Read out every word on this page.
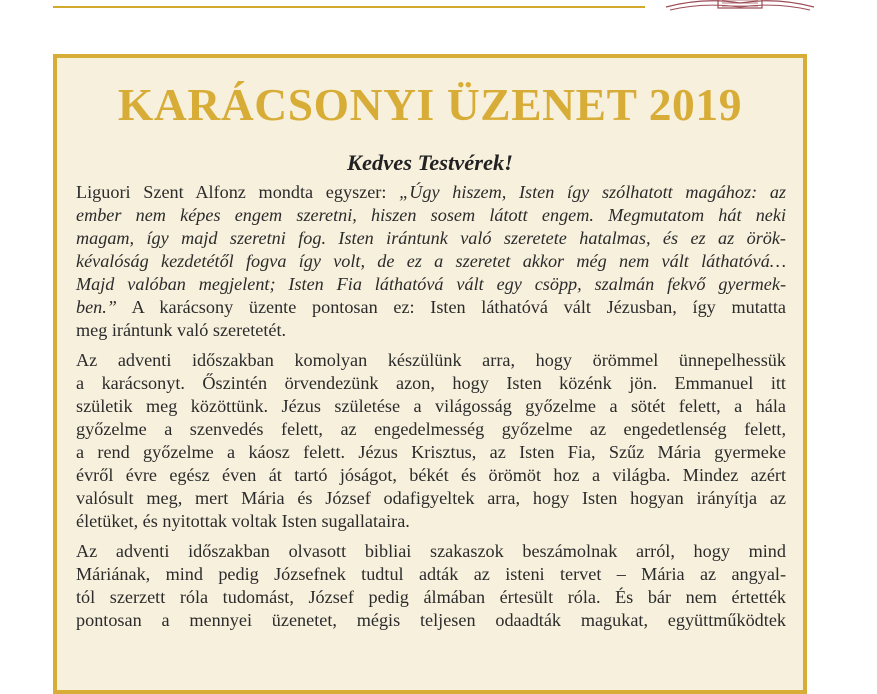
KARÁCSONYI ÜZENET 2019
Kedves Testvérek!
Liguori Szent Alfonz mondta egyszer: „Úgy hiszem, Isten így szólhatott magához: az
ember nem képes engem szeretni, hiszen sosem látott engem. Megmutatom hát neki
magam, így majd szeretni fog. Isten irántunk való szeretete hatalmas, és ez az örök-
kévalóság kezdetétől fogva így volt, de ez a szeretet akkor még nem vált láthatóvá…
Majd valóban megjelent; Isten Fia láthatóvá vált egy csöpp, szalmán fekvő gyermek-
ben.” A karácsony üzente pontosan ez: Isten láthatóvá vált Jézusban, így mutatta
meg irántunk való szeretetét.
Az adventi időszakban komolyan készülünk arra, hogy örömmel ünnepelhessük
a karácsonyt. Őszintén örvendezünk azon, hogy Isten közénk jön. Emmanuel itt
születik meg közöttünk. Jézus születése a világosság győzelme a sötét felett, a hála
győzelme a szenvedés felett, az engedelmesség győzelme az engedetlenség felett,
a rend győzelme a káosz felett. Jézus Krisztus, az Isten Fia, Szűz Mária gyermeke
évről évre egész éven át tartó jóságot, békét és örömöt hoz a világba. Mindez azért
valósult meg, mert Mária és József odafigyeltek arra, hogy Isten hogyan irányítja az
életüket, és nyitottak voltak Isten sugallataira.
Az adventi időszakban olvasott bibliai szakaszok beszámolnak arról, hogy mind
Máriának, mind pedig Józsefnek tudtul adták az isteni tervet – Mária az angyal-
tól szerzett róla tudomást, József pedig álmában értesült róla. És bár nem értették
pontosan a mennyei üzenetet, mégis teljesen odaadták magukat, együttműködtek
